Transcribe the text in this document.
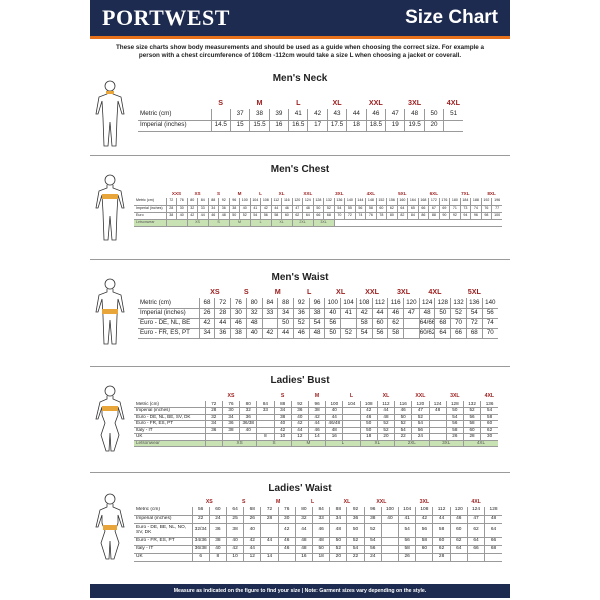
PORTWEST	Size Chart
These size charts show body measurements and should be used as a guide when choosing the correct size. For example a person with a chest circumference of 108cm -112cm would take a size L when choosing a jacket or coverall.
Men's Neck
	S		M		L		XL		XXL		3XL		4XL
Metric (cm)		37	38	39	41	42	43	44	46	47	48	50	51
Imperial (inches)	14.5	15	15.5	16	16.5	17	17.5	18	18.5	19	19.5	20	
Men's Chest
	XXS		XS		S		M		L		XL		XXL			3XL			4XL			5XL			6XL			7XL			8XL	
Metric (cm)	72	76	80	84	88	92	96	100	104	108	112	116	120	124	128	132	136	140	144	148	152	156	160	164	168	172	176	180	184	188	192	196
Imperial (inches)	28	30	32	33	34	36	38	40	41	42	44	46	47	48	50	52	54	55	56	58	60	62	64	65	66	67	69	71	73	74	76	77
Euro	38	40	42	44	46	48	50	52	54	56	58	60	62	64	66	68	70	72	74	76	78	80	82	84	86	88	90	92	94	96	98	100
Letsonwear			XS		S		M		L		XL		2XL		3XL																	
Men's Waist
	XS		S		M		L		XL		XXL		3XL		4XL		5XL		
Metric (cm)	68	72	76	80	84	88	92	96	100	104	108	112	116	120	124	128	132	136	140
Imperial (inches)	26	28	30	32	33	34	36	38	40	41	42	44	46	47	48	50	52	54	56
Euro - DE, NL, BE	42	44	46	48		50	52	54	56		58	60	62		64/66	68	70	72	74
Euro - FR, ES, PT	34	36	38	40	42	44	46	48	50	52	54	56	58		60/62	64	66	68	70
Ladies' Bust
		XS			S		M		L		XL		XXL		3XL		4XL
Metric (cm)	72	76	80	84	88	92	96	100	104	108	112	116	120	124	128	132	136
Imperial (inches)	28	30	32	33	34	36	38	40		42	44	46	47	48	50	52	54
Euro - DE, NL, BE, SV, DK	32	34	36		38	40	42	44		46	48	50	52		54	56	58
Euro - FR, ES, PT	34	36	36/38		40	42	44	46/48		50	52	52	54		56	58	60
Italy - IT	36	38	40		42	44	46	48		50	52	54	56		58	60	62
UK				8	10	12	14	16		18	20	22	24		26	28	30
Letsonwear		XS		S		M		L		XL		2XL		3XL		4XL	
Ladies' Waist
	XS		S		M		L		XL		XXL		3XL			4XL		
Metric (cm)	56	60	64	68	72	76	80	84	88	92	96	100	104	108	112	120	124	128
Imperial (inches)	22	24	25	26	28	30	32	33	34	36	38	40	41	42	44	46	47	48
Euro - DE, BE, NL, NO, SV, DK	32/34	36	38	40		42	44	46	48	50	52		54	56	58	60	62	64
Euro - FR, ES, PT	34/36	38	40	42	44	46	48	48	50	52	54		56	58	60	62	64	66
Italy - IT	36/38	40	42	44		46	48	50	52	54	56		58	60	62	64	66	68
UK	6	8	10	12	14		16	18	20	22	24		26		28			
Measure as indicated on the figure to find your size | Note: Garment sizes vary depending on the style.
